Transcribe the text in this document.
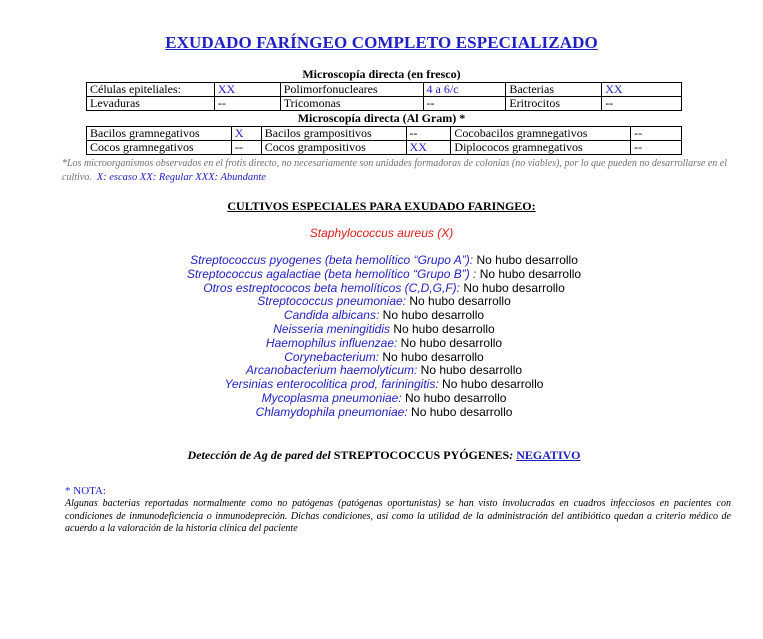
EXUDADO FARÍNGEO COMPLETO ESPECIALIZADO
Microscopía directa (en fresco)
Células epiteliales:	XX	Polimorfonucleares	4 a 6/c	Bacterias	XX
Levaduras	--	Tricomonas	--	Eritrocitos	--
Microscopía directa (Al Gram) *
Bacilos gramnegativos	X	Bacilos grampositivos	--	Cocobacilos gramnegativos	--
Cocos gramnegativos	--	Cocos grampositivos	XX	Diplococos gramnegativos	--
*Los microorganismos observados en el frotis directo, no necesariamente son unidades formadoras de colonias (no viables), por lo que pueden no desarrollarse en el cultivo. X: escaso XX: Regular XXX: Abundante
CULTIVOS ESPECIALES PARA EXUDADO FARINGEO:
Staphylococcus aureus (X)
Streptococcus pyogenes (beta hemolítico “Grupo A”): No hubo desarrollo
Streptococcus agalactiae (beta hemolítico “Grupo B”) : No hubo desarrollo
Otros estreptococos beta hemolíticos (C,D,G,F): No hubo desarrollo
Streptococcus pneumoniae: No hubo desarrollo
Candida albicans: No hubo desarrollo
Neisseria meningitidis No hubo desarrollo
Haemophilus influenzae: No hubo desarrollo
Corynebacterium: No hubo desarrollo
Arcanobacterium haemolyticum: No hubo desarrollo
Yersinias enterocolitica prod, fariningitis: No hubo desarrollo
Mycoplasma pneumoniae: No hubo desarrollo
Chlamydophila pneumoniae: No hubo desarrollo
Detección de Ag de pared del STREPTOCOCCUS PYÓGENES: NEGATIVO
* NOTA:
Algunas bacterias reportadas normalmente como no patógenas (patógenas oportunistas) se han visto involucradas en cuadros infecciosos en pacientes con condiciones de inmunodeficiencia o inmunodepreción. Dichas condiciones, así como la utilidad de la administración del antibiótico quedan a criterio médico de acuerdo a la valoración de la historia clínica del paciente
